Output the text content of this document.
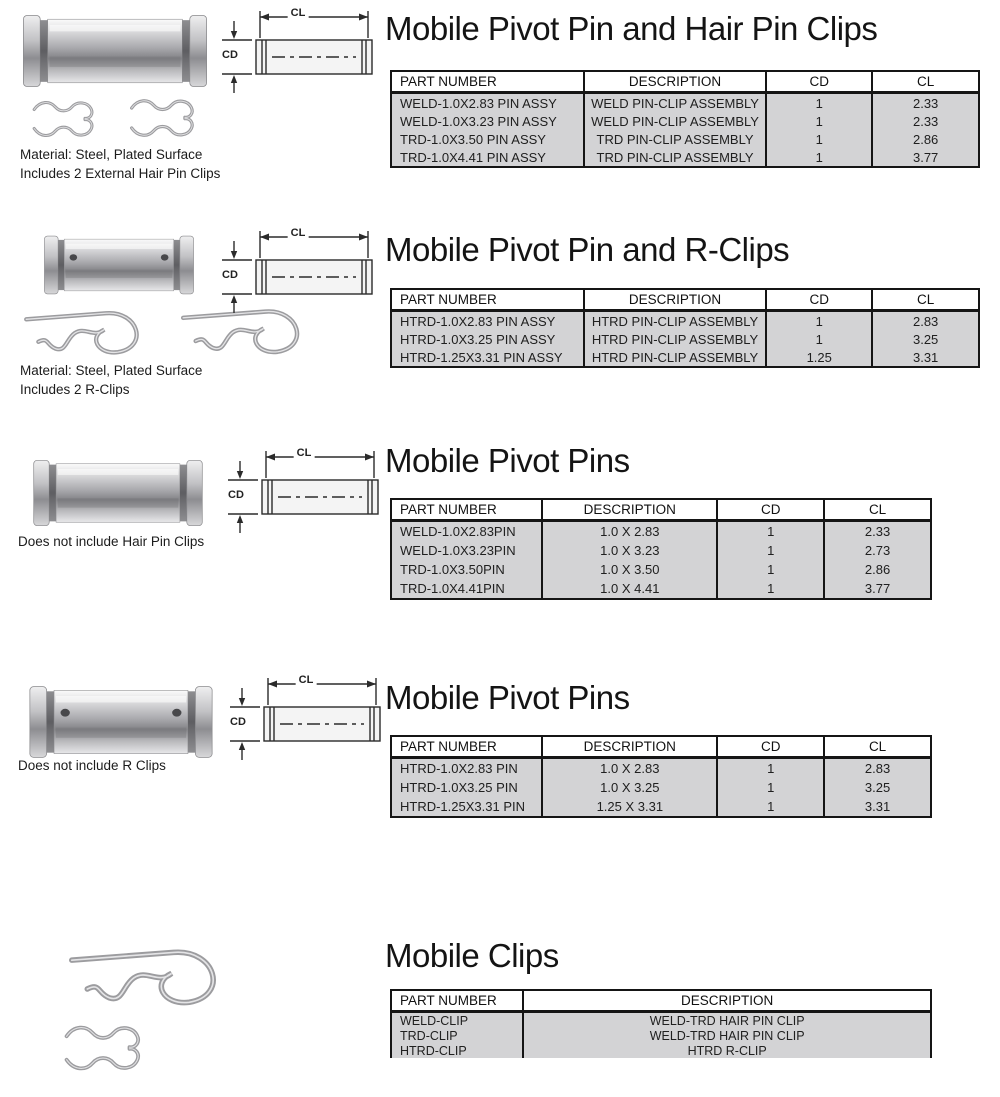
CL
CD
Mobile Pivot Pin and Hair Pin Clips
PART NUMBER	DESCRIPTION	CD	CL
WELD-1.0X2.83 PIN ASSY	WELD PIN-CLIP ASSEMBLY	1	2.33
WELD-1.0X3.23 PIN ASSY	WELD PIN-CLIP ASSEMBLY	1	2.33
TRD-1.0X3.50 PIN ASSY	TRD PIN-CLIP ASSEMBLY	1	2.86
TRD-1.0X4.41 PIN ASSY	TRD PIN-CLIP ASSEMBLY	1	3.77
Material: Steel, Plated Surface
Includes 2 External Hair Pin Clips
CL
CD
Mobile Pivot Pin and R-Clips
PART NUMBER	DESCRIPTION	CD	CL
HTRD-1.0X2.83 PIN ASSY	HTRD PIN-CLIP ASSEMBLY	1	2.83
HTRD-1.0X3.25 PIN ASSY	HTRD PIN-CLIP ASSEMBLY	1	3.25
HTRD-1.25X3.31 PIN ASSY	HTRD PIN-CLIP ASSEMBLY	1.25	3.31
Material: Steel, Plated Surface
Includes 2 R-Clips
CL
CD
Mobile Pivot Pins
PART NUMBER	DESCRIPTION	CD	CL
WELD-1.0X2.83PIN	1.0 X 2.83	1	2.33
WELD-1.0X3.23PIN	1.0 X 3.23	1	2.73
TRD-1.0X3.50PIN	1.0 X 3.50	1	2.86
TRD-1.0X4.41PIN	1.0 X 4.41	1	3.77
Does not include Hair Pin Clips
CL
CD
Mobile Pivot Pins
PART NUMBER	DESCRIPTION	CD	CL
HTRD-1.0X2.83 PIN	1.0 X 2.83	1	2.83
HTRD-1.0X3.25 PIN	1.0 X 3.25	1	3.25
HTRD-1.25X3.31 PIN	1.25 X 3.31	1	3.31
Does not include R Clips
Mobile Clips
PART NUMBER	DESCRIPTION
WELD-CLIP	WELD-TRD HAIR PIN CLIP
TRD-CLIP	WELD-TRD HAIR PIN CLIP
HTRD-CLIP	HTRD R-CLIP
